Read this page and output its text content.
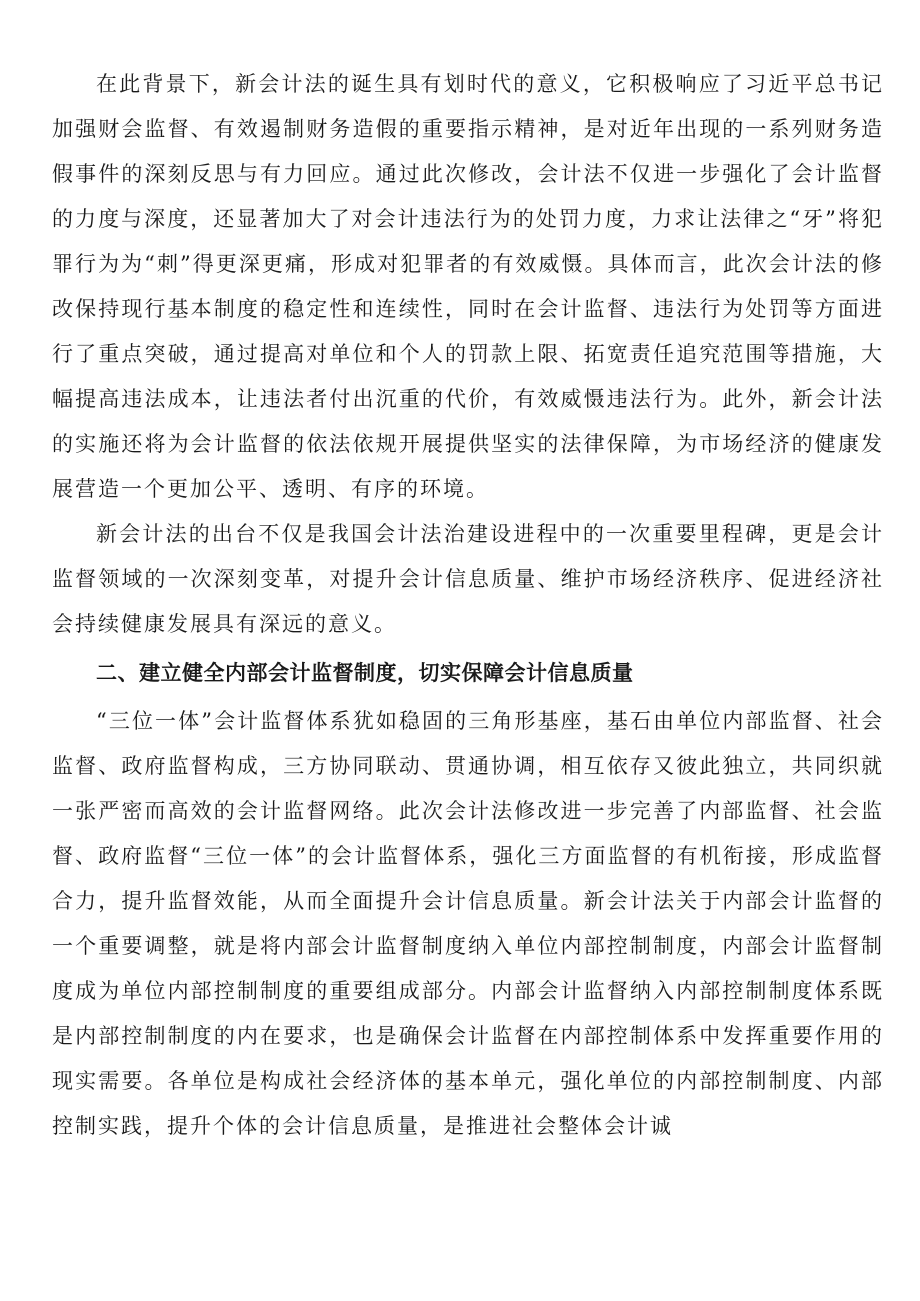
在此背景下，新会计法的诞生具有划时代的意义，它积极响应了习近平总书记加强财会监督、有效遏制财务造假的重要指示精神，是对近年出现的一系列财务造假事件的深刻反思与有力回应。通过此次修改，会计法不仅进一步强化了会计监督的力度与深度，还显著加大了对会计违法行为的处罚力度，力求让法律之“牙”将犯罪行为为“刺”得更深更痛，形成对犯罪者的有效威慑。具体而言，此次会计法的修改保持现行基本制度的稳定性和连续性，同时在会计监督、违法行为处罚等方面进行了重点突破，通过提高对单位和个人的罚款上限、拓宽责任追究范围等措施，大幅提高违法成本，让违法者付出沉重的代价，有效威慑违法行为。此外，新会计法的实施还将为会计监督的依法依规开展提供坚实的法律保障，为市场经济的健康发展营造一个更加公平、透明、有序的环境。

新会计法的出台不仅是我国会计法治建设进程中的一次重要里程碑，更是会计监督领域的一次深刻变革，对提升会计信息质量、维护市场经济秩序、促进经济社会持续健康发展具有深远的意义。

二、建立健全内部会计监督制度，切实保障会计信息质量

“三位一体”会计监督体系犹如稳固的三角形基座，基石由单位内部监督、社会监督、政府监督构成，三方协同联动、贯通协调，相互依存又彼此独立，共同织就一张严密而高效的会计监督网络。此次会计法修改进一步完善了内部监督、社会监督、政府监督“三位一体”的会计监督体系，强化三方面监督的有机衔接，形成监督合力，提升监督效能，从而全面提升会计信息质量。新会计法关于内部会计监督的一个重要调整，就是将内部会计监督制度纳入单位内部控制制度，内部会计监督制度成为单位内部控制制度的重要组成部分。内部会计监督纳入内部控制制度体系既是内部控制制度的内在要求，也是确保会计监督在内部控制体系中发挥重要作用的现实需要。各单位是构成社会经济体的基本单元，强化单位的内部控制制度、内部控制实践，提升个体的会计信息质量，是推进社会整体会计诚
